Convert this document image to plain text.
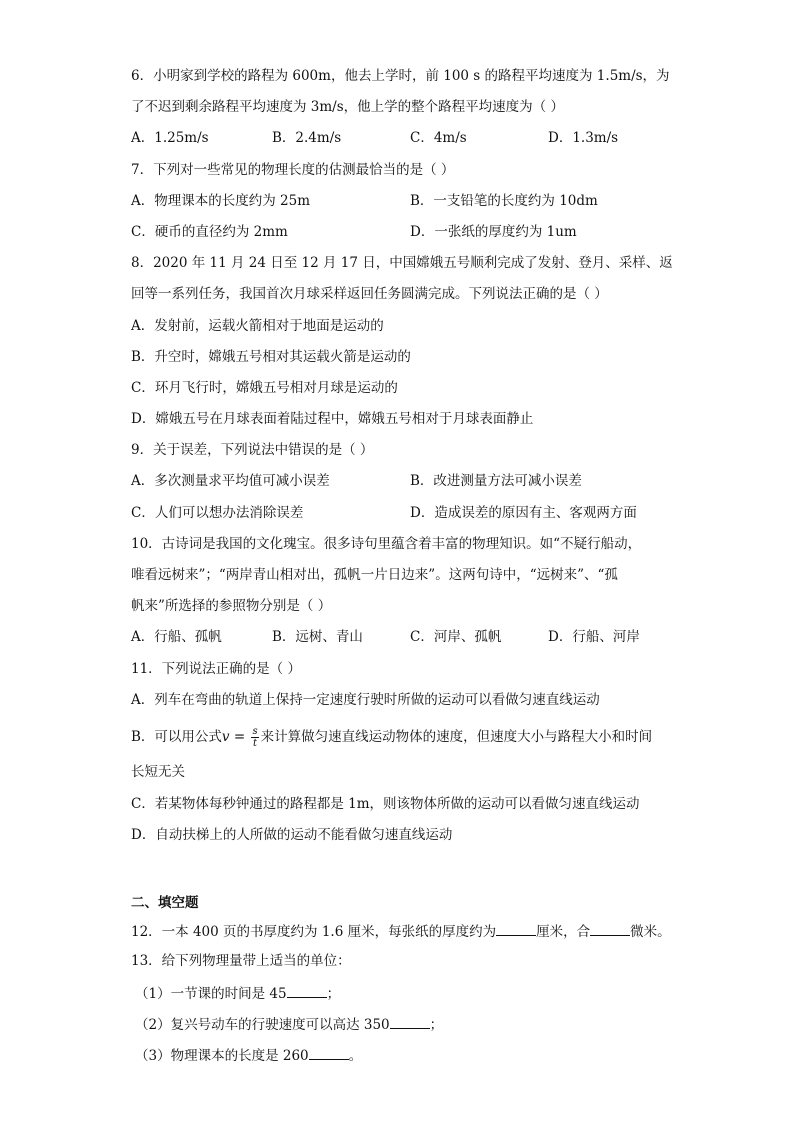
6．小明家到学校的路程为 600m，他去上学时，前 100 s 的路程平均速度为 1.5m/s，为
了不迟到剩余路程平均速度为 3m/s，他上学的整个路程平均速度为（ ）
A．1.25m/s	B．2.4m/s	C．4m/s	D．1.3m/s
7．下列对一些常见的物理长度的估测最恰当的是（ ）
A．物理课本的长度约为 25m	B．一支铅笔的长度约为 10dm
C．硬币的直径约为 2mm	D．一张纸的厚度约为 1um
8．2020 年 11 月 24 日至 12 月 17 日，中国嫦娥五号顺利完成了发射、登月、采样、返
回等一系列任务，我国首次月球采样返回任务圆满完成。下列说法正确的是（ ）
A．发射前，运载火箭相对于地面是运动的
B．升空时，嫦娥五号相对其运载火箭是运动的
C．环月飞行时，嫦娥五号相对月球是运动的
D．嫦娥五号在月球表面着陆过程中，嫦娥五号相对于月球表面静止
9．关于误差，下列说法中错误的是（ ）
A．多次测量求平均值可减小误差	B．改进测量方法可减小误差
C．人们可以想办法消除误差	D．造成误差的原因有主、客观两方面
10．古诗词是我国的文化瑰宝。很多诗句里蕴含着丰富的物理知识。如“不疑行船动，
唯看远树来”；“两岸青山相对出，孤帆一片日边来”。这两句诗中，“远树来”、“孤
帆来”所选择的参照物分别是（ ）
A．行船、孤帆	B．远树、青山	C．河岸、孤帆	D．行船、河岸
11．下列说法正确的是（ ）
A．列车在弯曲的轨道上保持一定速度行驶时所做的运动可以看做匀速直线运动
B．可以用公式$v = \frac{s}{t}$ 来计算做匀速直线运动物体的速度，但速度大小与路程大小和时间
长短无关
C．若某物体每秒钟通过的路程都是 1m，则该物体所做的运动可以看做匀速直线运动
D．自动扶梯上的人所做的运动不能看做匀速直线运动
二、填空题
12．一本 400 页的书厚度约为 1.6 厘米，每张纸的厚度约为	厘米，合	微米。
13．给下列物理量带上适当的单位：
（1）一节课的时间是 45	；
（2）复兴号动车的行驶速度可以高达 350	；
（3）物理课本的长度是 260	。
